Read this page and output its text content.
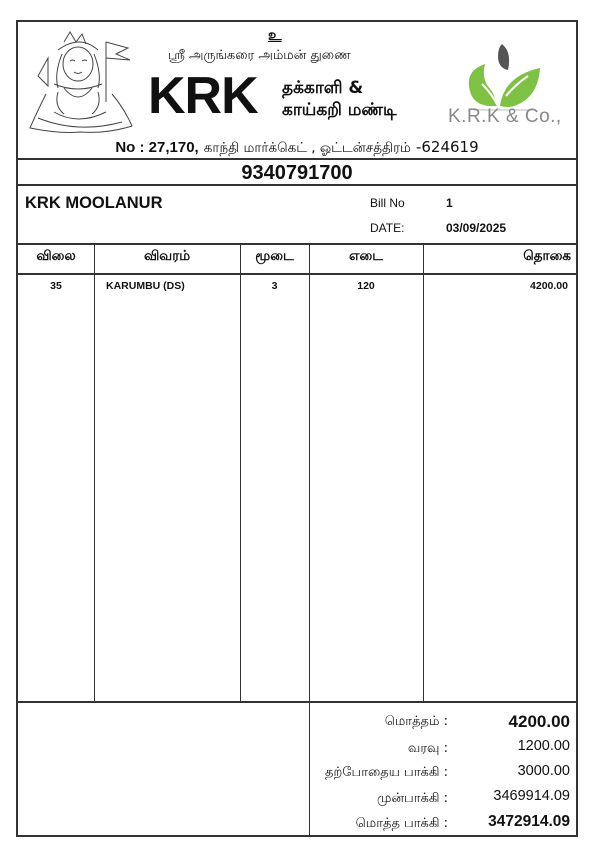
உ
ஸ்ரீ அருங்கரை அம்மன் துணை
KRK தக்காளி &
காய்கறி மண்டி	K.R.K & Co.,
No : 27,170, காந்தி மார்க்கெட் , ஓட்டன்சத்திரம் -624619
9340791700
KRK MOOLANUR	Bill No	1
DATE:	03/09/2025
விலை	விவரம்	மூடை	எடை	தொகை
35	KARUMBU (DS)	3	120	4200.00
மொத்தம் :	4200.00
வரவு :	1200.00
தற்போதைய பாக்கி :	3000.00
முன்பாக்கி :	3469914.09
மொத்த பாக்கி :	3472914.09
